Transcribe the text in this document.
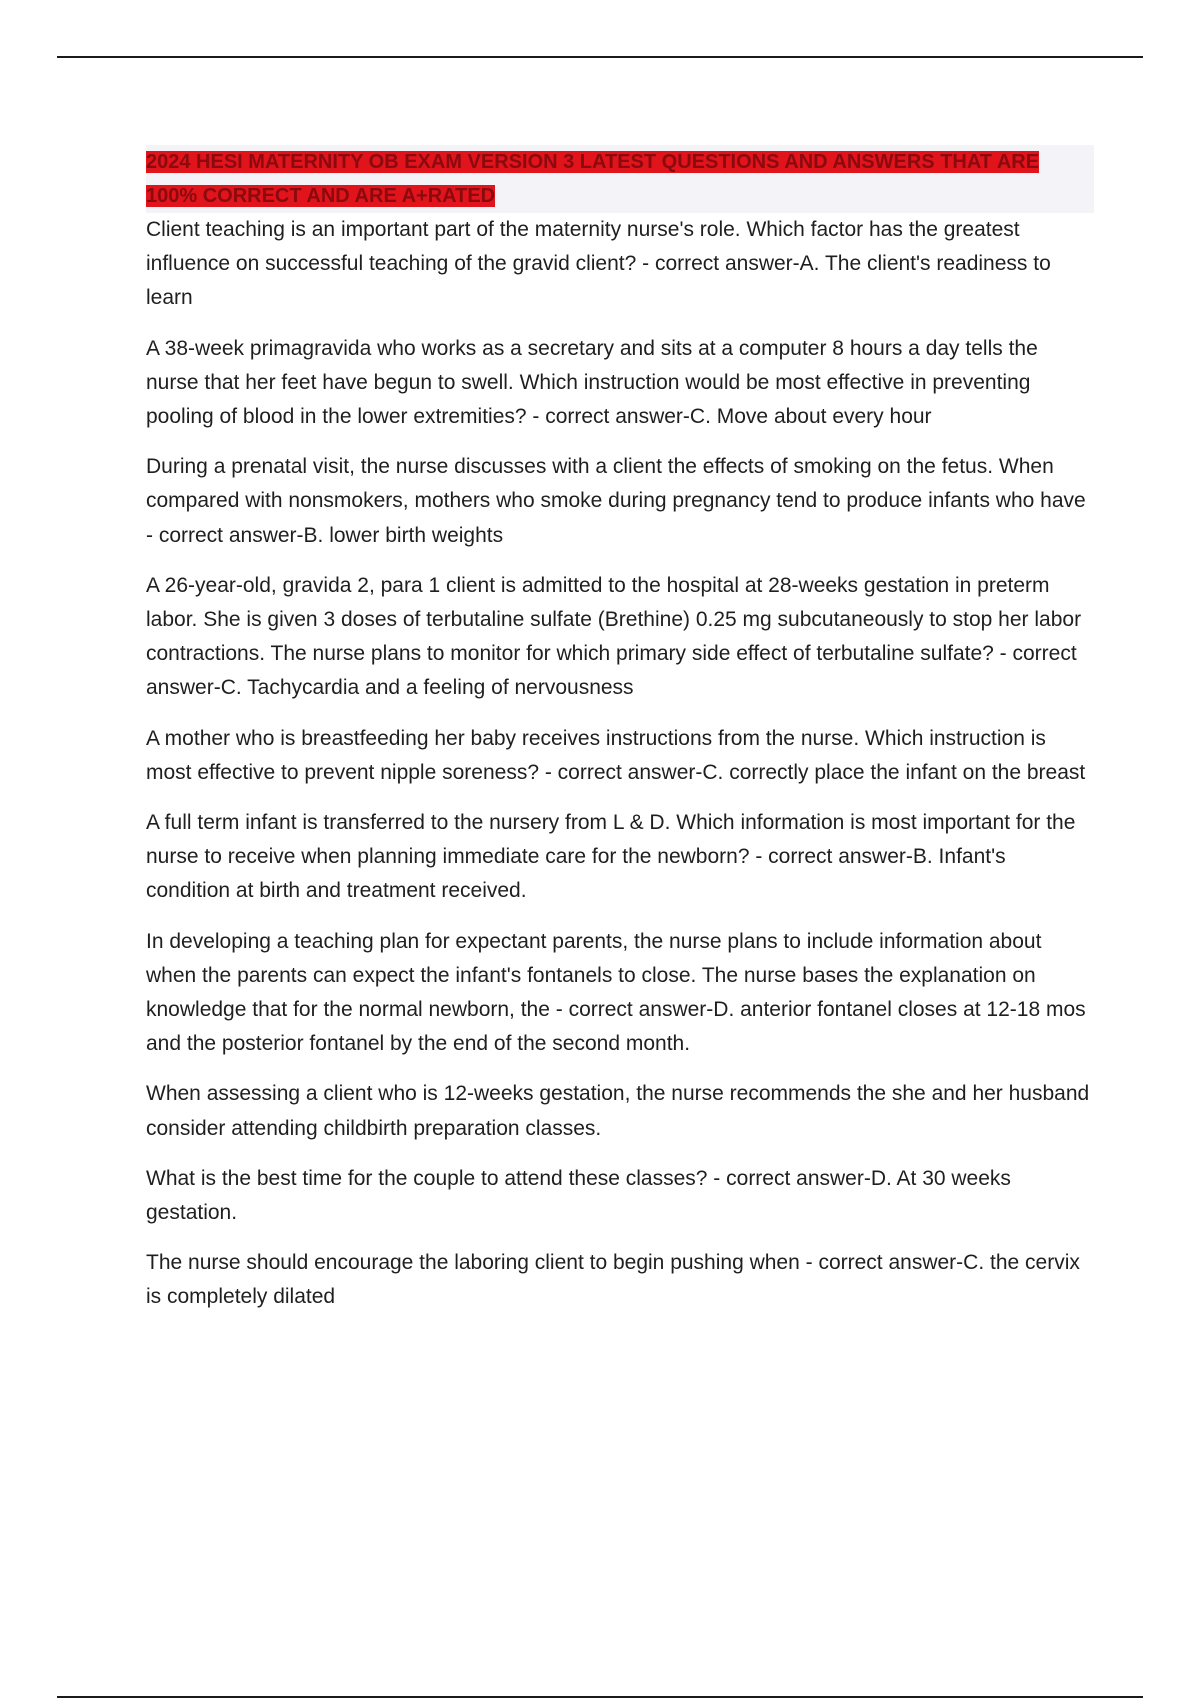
2024 HESI MATERNITY OB EXAM VERSION 3 LATEST QUESTIONS AND ANSWERS THAT ARE 100% CORRECT AND ARE A+RATED

Client teaching is an important part of the maternity nurse's role. Which factor has the greatest influence on successful teaching of the gravid client? - correct answer-A. The client's readiness to learn

A 38-week primagravida who works as a secretary and sits at a computer 8 hours a day tells the nurse that her feet have begun to swell. Which instruction would be most effective in preventing pooling of blood in the lower extremities? - correct answer-C. Move about every hour

During a prenatal visit, the nurse discusses with a client the effects of smoking on the fetus. When compared with nonsmokers, mothers who smoke during pregnancy tend to produce infants who have - correct answer-B. lower birth weights

A 26-year-old, gravida 2, para 1 client is admitted to the hospital at 28-weeks gestation in preterm labor. She is given 3 doses of terbutaline sulfate (Brethine) 0.25 mg subcutaneously to stop her labor contractions. The nurse plans to monitor for which primary side effect of terbutaline sulfate? - correct answer-C. Tachycardia and a feeling of nervousness

A mother who is breastfeeding her baby receives instructions from the nurse. Which instruction is most effective to prevent nipple soreness? - correct answer-C. correctly place the infant on the breast

A full term infant is transferred to the nursery from L & D. Which information is most important for the nurse to receive when planning immediate care for the newborn? - correct answer-B. Infant's condition at birth and treatment received.

In developing a teaching plan for expectant parents, the nurse plans to include information about when the parents can expect the infant's fontanels to close. The nurse bases the explanation on knowledge that for the normal newborn, the - correct answer-D. anterior fontanel closes at 12-18 mos and the posterior fontanel by the end of the second month.

When assessing a client who is 12-weeks gestation, the nurse recommends the she and her husband consider attending childbirth preparation classes.

What is the best time for the couple to attend these classes? - correct answer-D. At 30 weeks gestation.

The nurse should encourage the laboring client to begin pushing when - correct answer-C. the cervix is completely dilated
